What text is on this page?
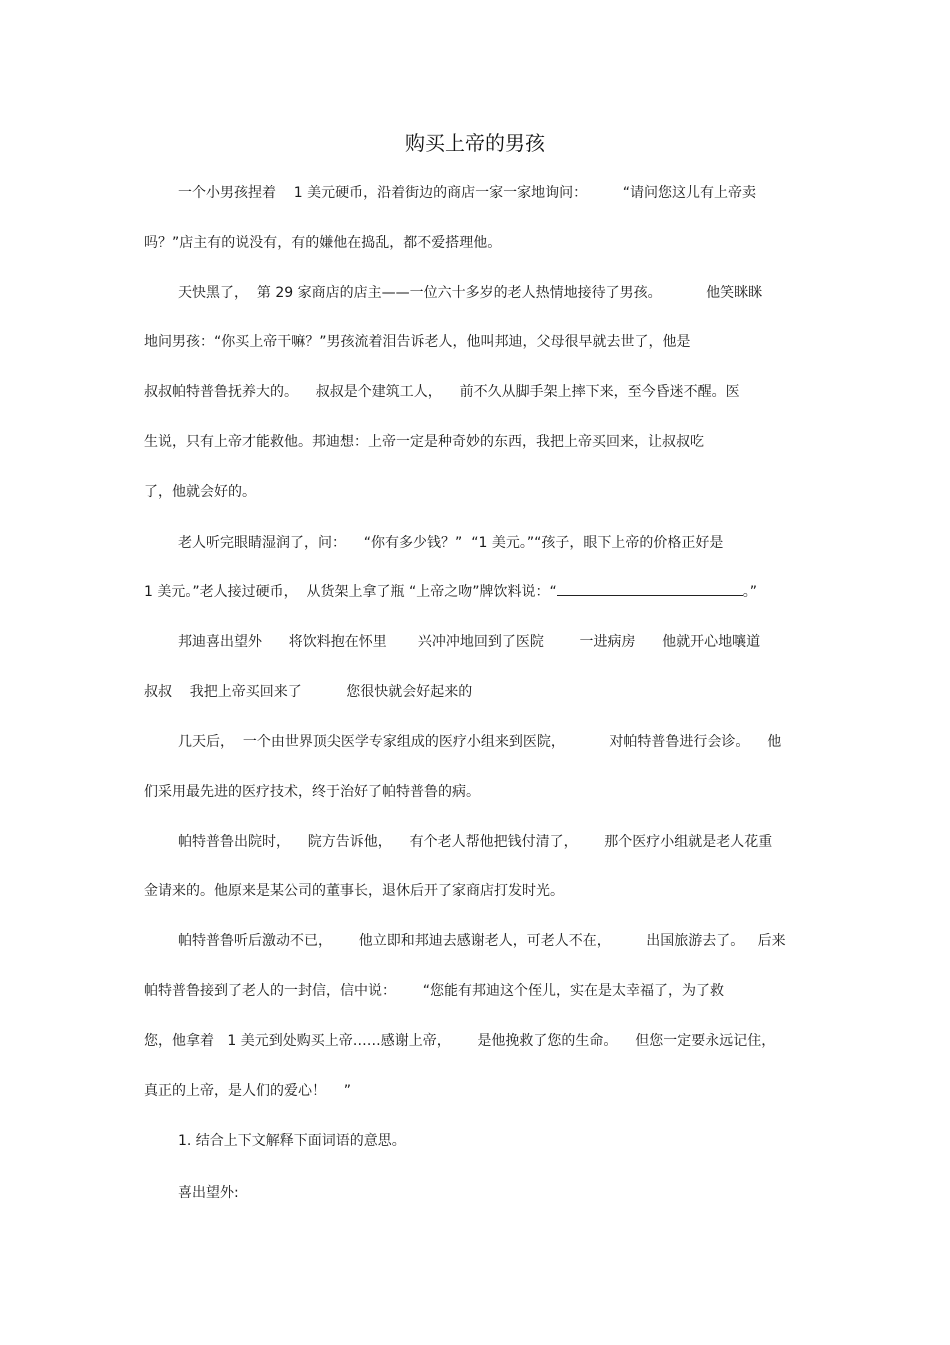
购买上帝的男孩
一个小男孩捏着    1 美元硬币，沿着街边的商店一家一家地询问：        “请问您这儿有上帝卖
吗？”店主有的说没有，有的嫌他在捣乱，都不爱搭理他。
天快黑了，  第 29 家商店的店主——一位六十多岁的老人热情地接待了男孩。          他笑眯眯
地问男孩：“你买上帝干嘛？”男孩流着泪告诉老人，他叫邦迪，父母很早就去世了，他是
叔叔帕特普鲁抚养大的。    叔叔是个建筑工人，    前不久从脚手架上摔下来，至今昏迷不醒。医
生说，只有上帝才能救他。邦迪想：上帝一定是种奇妙的东西，我把上帝买回来，让叔叔吃
了，他就会好的。
老人听完眼睛湿润了，问：    “你有多少钱？”  “1 美元。”“孩子，眼下上帝的价格正好是
1 美元。”老人接过硬币，  从货架上拿了瓶 “上帝之吻”牌饮料说：“	。”
邦迪喜出望外      将饮料抱在怀里       兴冲冲地回到了医院        一进病房      他就开心地嚷道
叔叔    我把上帝买回来了          您很快就会好起来的
几天后，  一个由世界顶尖医学专家组成的医疗小组来到医院，          对帕特普鲁进行会诊。    他
们采用最先进的医疗技术，终于治好了帕特普鲁的病。
帕特普鲁出院时，    院方告诉他，    有个老人帮他把钱付清了，      那个医疗小组就是老人花重
金请来的。他原来是某公司的董事长，退休后开了家商店打发时光。
帕特普鲁听后激动不已，      他立即和邦迪去感谢老人，可老人不在，        出国旅游去了。   后来
帕特普鲁接到了老人的一封信，信中说：      “您能有邦迪这个侄儿，实在是太幸福了，为了救
您，他拿着   1 美元到处购买上帝……感谢上帝，      是他挽救了您的生命。    但您一定要永远记住，
真正的上帝，是人们的爱心！    ”
1. 结合上下文解释下面词语的意思。
喜出望外:
